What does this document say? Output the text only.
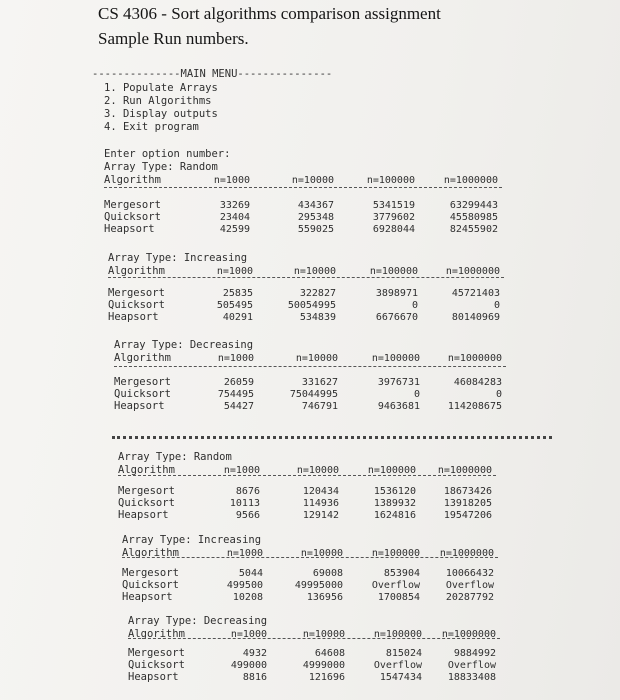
CS 4306 - Sort algorithms comparison assignment
Sample Run numbers.
--------------MAIN MENU---------------
1. Populate Arrays
2. Run Algorithms
3. Display outputs
4. Exit program
Enter option number:
Array Type: Random
Algorithm	n=1000	n=10000	n=100000	n=1000000
Mergesort	33269	434367	5341519	63299443
Quicksort	23404	295348	3779602	45580985
Heapsort	42599	559025	6928044	82455902
Array Type: Increasing
Algorithm	n=1000	n=10000	n=100000	n=1000000
Mergesort	25835	322827	3898971	45721403
Quicksort	505495	50054995	0	0
Heapsort	40291	534839	6676670	80140969
Array Type: Decreasing
Algorithm	n=1000	n=10000	n=100000	n=1000000
Mergesort	26059	331627	3976731	46084283
Quicksort	754495	75044995	0	0
Heapsort	54427	746791	9463681	114208675
Array Type: Random
Algorithm	n=1000	n=10000	n=100000	n=1000000
Mergesort	8676	120434	1536120	18673426
Quicksort	10113	114936	1389932	13918205
Heapsort	9566	129142	1624816	19547206
Array Type: Increasing
Algorithm	n=1000	n=10000	n=100000	n=1000000
Mergesort	5044	69008	853904	10066432
Quicksort	499500	49995000	Overflow	Overflow
Heapsort	10208	136956	1700854	20287792
Array Type: Decreasing
Algorithm	n=1000	n=10000	n=100000	n=1000000
Mergesort	4932	64608	815024	9884992
Quicksort	499000	4999000	Overflow	Overflow
Heapsort	8816	121696	1547434	18833408
